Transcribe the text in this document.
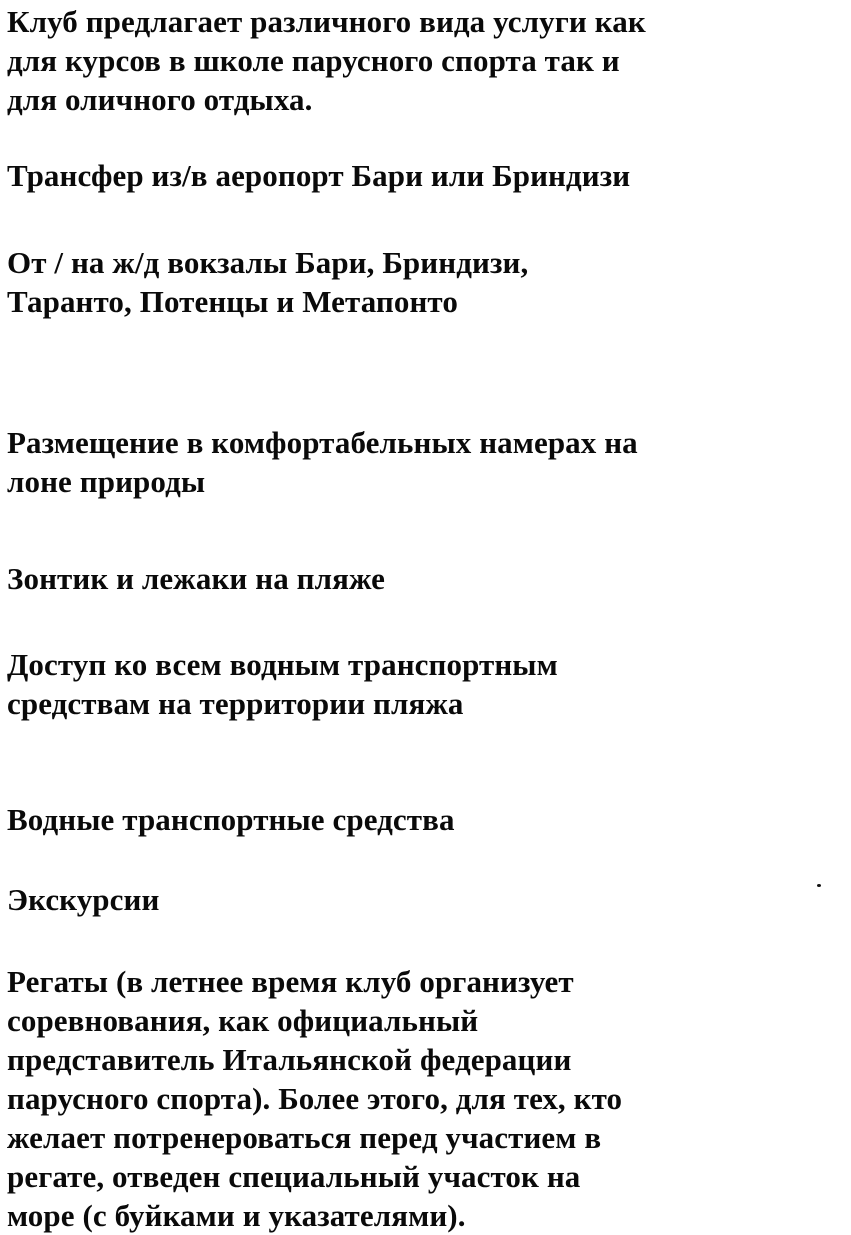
Клуб предлагает различного вида услуги как
для курсов в школе парусного спорта так и
для оличного отдыха.

Трансфер из/в аеропорт Бари или Бриндизи

От / на ж/д вокзалы Бари, Бриндизи,
Таранто, Потенцы и Метапонто

Размещение в комфортабельных намерах на
лоне природы

Зонтик и лежаки на пляже

Доступ ко всем водным транспортным
средствам на территории пляжа

Водные транспортные средства

Экскурсии

Регаты (в летнее время клуб организует
соревнования, как официальный
представитель Итальянской федерации
парусного спорта). Более этого, для тех, кто
желает потренероваться перед участием в
регате, отведен специальный участок на
море (с буйками и указателями).
